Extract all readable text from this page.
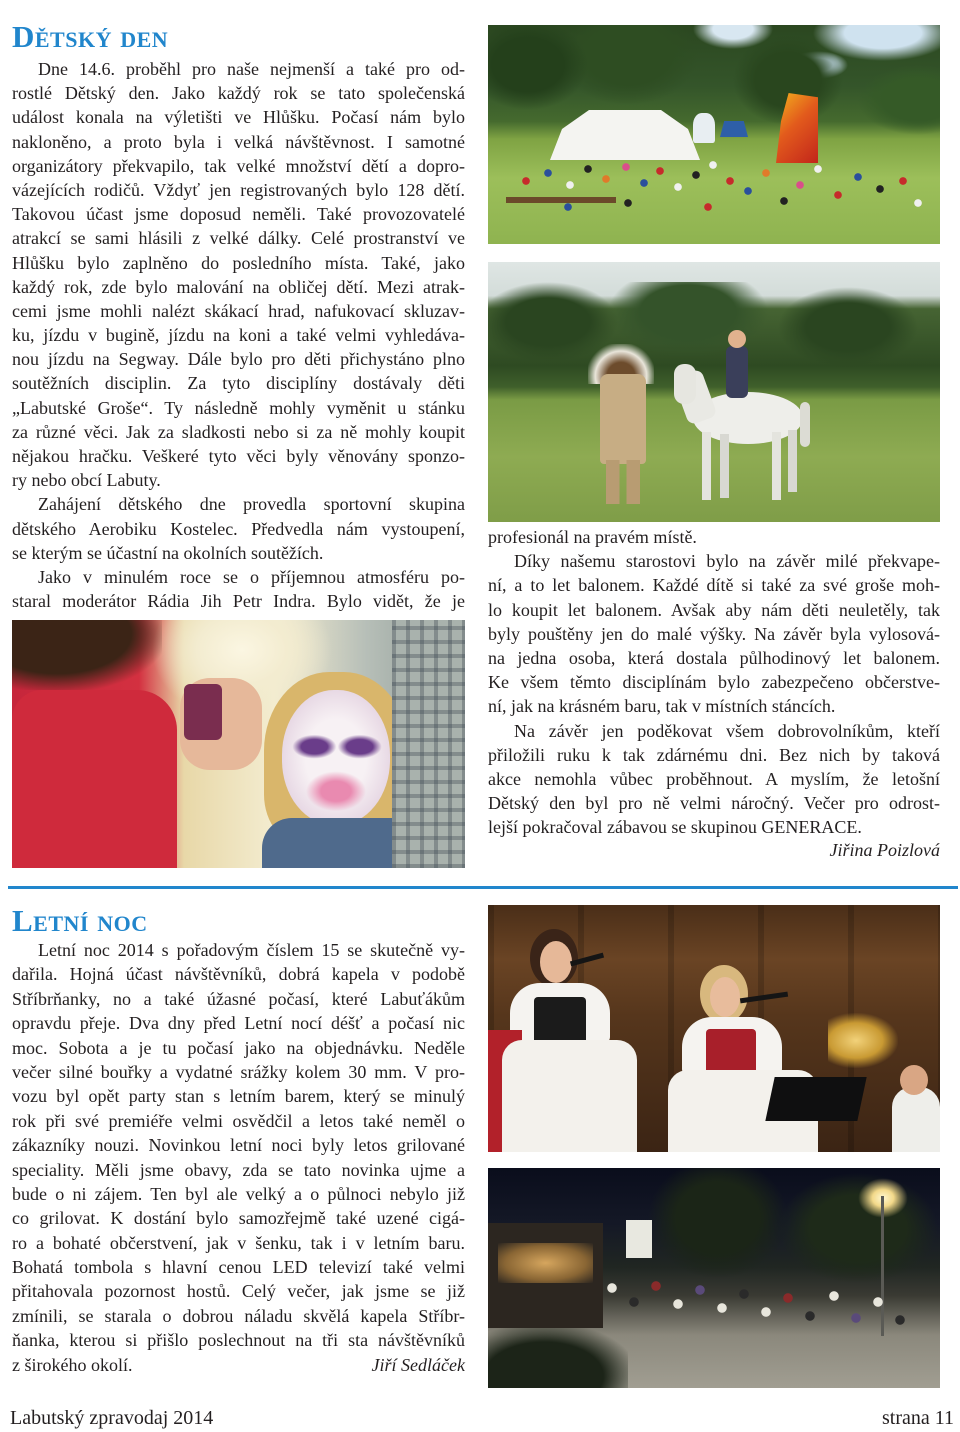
Dětský den
Dne 14.6. proběhl pro naše nejmenší a také pro od-
rostlé Dětský den. Jako každý rok se tato společenská
událost konala na výletišti ve Hlůšku. Počasí nám bylo
nakloněno, a proto byla i velká návštěvnost. I samotné
organizátory překvapilo, tak velké množství dětí a dopro-
vázejících rodičů. Vždyť jen registrovaných bylo 128 dětí.
Takovou účast jsme doposud neměli. Také provozovatelé
atrakcí se sami hlásili z velké dálky. Celé prostranství ve
Hlůšku bylo zaplněno do posledního místa. Také, jako
každý rok, zde bylo malování na obličej dětí. Mezi atrak-
cemi jsme mohli nalézt skákací hrad, nafukovací skluzav-
ku, jízdu v bugině, jízdu na koni a také velmi vyhledáva-
nou jízdu na Segway. Dále bylo pro děti přichystáno plno
soutěžních disciplin. Za tyto disciplíny dostávaly děti
„Labutské Groše“. Ty následně mohly vyměnit u stánku
za různé věci. Jak za sladkosti nebo si za ně mohly koupit
nějakou hračku. Veškeré tyto věci byly věnovány sponzo-
ry nebo obcí Labuty.
Zahájení dětského dne provedla sportovní skupina
dětského Aerobiku Kostelec. Předvedla nám vystoupení,
se kterým se účastní na okolních soutěžích.
Jako v minulém roce se o příjemnou atmosféru po-
staral moderátor Rádia Jih Petr Indra. Bylo vidět, že je
profesionál na pravém místě.
Díky našemu starostovi bylo na závěr milé překvape-
ní, a to let balonem. Každé dítě si také za své groše moh-
lo koupit let balonem. Avšak aby nám děti neuletěly, tak
byly pouštěny jen do malé výšky. Na závěr byla vylosová-
na jedna osoba, která dostala půlhodinový let balonem.
Ke všem těmto disciplínám bylo zabezpečeno občerstve-
ní, jak na krásném baru, tak v místních stáncích.
Na závěr jen poděkovat všem dobrovolníkům, kteří
přiložili ruku k tak zdárnému dni. Bez nich by taková
akce nemohla vůbec proběhnout. A myslím, že letošní
Dětský den byl pro ně velmi náročný. Večer pro odrost-
lejší pokračoval zábavou se skupinou GENERACE.
Jiřina Poizlová
Letní noc
Letní noc 2014 s pořadovým číslem 15 se skutečně vy-
dařila. Hojná účast návštěvníků, dobrá kapela v podobě
Stříbrňanky, no a také úžasné počasí, které Labuťákům
opravdu přeje. Dva dny před Letní nocí déšť a počasí nic
moc. Sobota a je tu počasí jako na objednávku. Neděle
večer silné bouřky a vydatné srážky kolem 30 mm. V pro-
vozu byl opět party stan s letním barem, který se minulý
rok při své premiéře velmi osvědčil a letos také neměl o
zákazníky nouzi. Novinkou letní noci byly letos grilované
speciality. Měli jsme obavy, zda se tato novinka ujme a
bude o ni zájem. Ten byl ale velký a o půlnoci nebylo již
co grilovat. K dostání bylo samozřejmě také uzené cigá-
ro a bohaté občerstvení, jak v šenku, tak i v letním baru.
Bohatá tombola s hlavní cenou LED televizí také velmi
přitahovala pozornost hostů. Celý večer, jak jsme se již
zmínili, se starala o dobrou náladu skvělá kapela Stříbr-
ňanka, kterou si přišlo poslechnout na tři sta návštěvníků
z širokého okolí.	Jiří Sedláček
Labutský zpravodaj 2014	strana 11
